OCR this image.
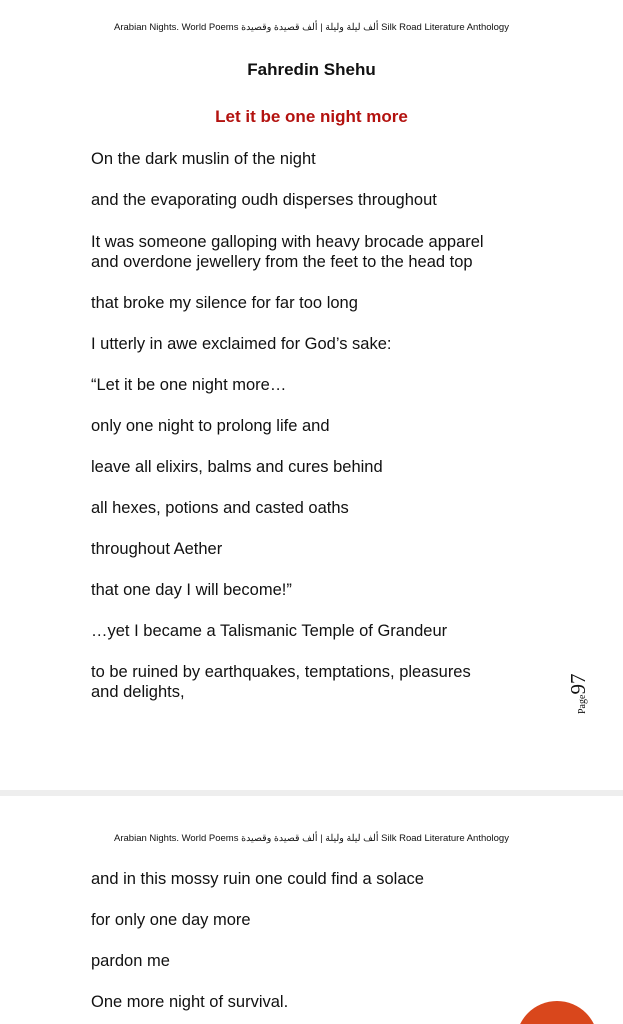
Arabian Nights. World Poems ألف ليلة وليلة | ألف قصيدة وقصيدة Silk Road Literature Anthology
Fahredin Shehu
Let it be one night more
On the dark muslin of the night
and the evaporating oudh disperses throughout
It was someone galloping with heavy brocade apparel
and overdone jewellery from the feet to the head top
that broke my silence for far too long
I utterly in awe exclaimed for God’s sake:
“Let it be one night more…
only one night to prolong life and
leave all elixirs, balms and cures behind
all hexes, potions and casted oaths
throughout Aether
that one day I will become!”
…yet I became a Talismanic Temple of Grandeur
to be ruined by earthquakes, temptations, pleasures
and delights,
Page97
Arabian Nights. World Poems ألف ليلة وليلة | ألف قصيدة وقصيدة Silk Road Literature Anthology
and in this mossy ruin one could find a solace
for only one day more
pardon me
One more night of survival.
